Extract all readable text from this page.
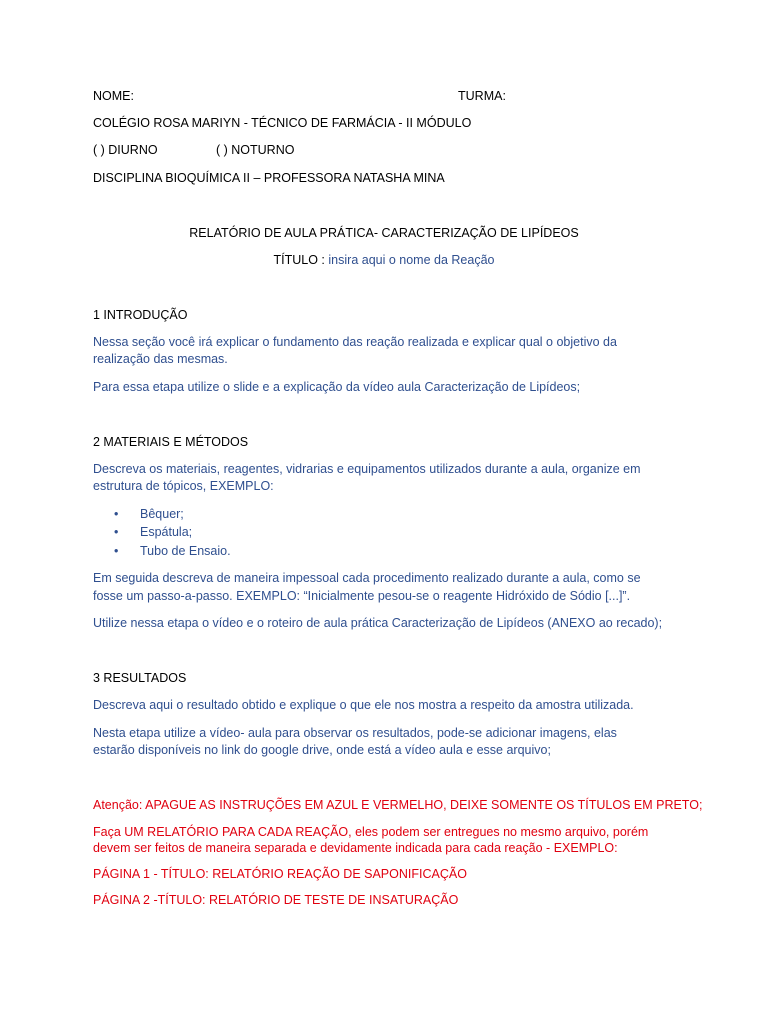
NOME:	TURMA:
COLÉGIO ROSA MARIYN - TÉCNICO DE FARMÁCIA - II MÓDULO
( ) DIURNO	( ) NOTURNO
DISCIPLINA BIOQUÍMICA II – PROFESSORA NATASHA MINA
RELATÓRIO DE AULA PRÁTICA- CARACTERIZAÇÃO DE LIPÍDEOS
TÍTULO : insira aqui o nome da Reação
1 INTRODUÇÃO
Nessa seção você irá explicar o fundamento das reação realizada e explicar qual o objetivo da
realização das mesmas.
Para essa etapa utilize o slide e a explicação da vídeo aula Caracterização de Lipídeos;
2 MATERIAIS E MÉTODOS
Descreva os materiais, reagentes, vidrarias e equipamentos utilizados durante a aula, organize em
estrutura de tópicos, EXEMPLO:
• Bêquer;
• Espátula;
• Tubo de Ensaio.
Em seguida descreva de maneira impessoal cada procedimento realizado durante a aula, como se
fosse um passo-a-passo. EXEMPLO: “Inicialmente pesou-se o reagente Hidróxido de Sódio [...]”.
Utilize nessa etapa o vídeo e o roteiro de aula prática Caracterização de Lipídeos (ANEXO ao recado);
3 RESULTADOS
Descreva aqui o resultado obtido e explique o que ele nos mostra a respeito da amostra utilizada.
Nesta etapa utilize a vídeo- aula para observar os resultados, pode-se adicionar imagens, elas
estarão disponíveis no link do google drive, onde está a vídeo aula e esse arquivo;
Atenção: APAGUE AS INSTRUÇÕES EM AZUL E VERMELHO, DEIXE SOMENTE OS TÍTULOS EM PRETO;
Faça UM RELATÓRIO PARA CADA REAÇÃO, eles podem ser entregues no mesmo arquivo, porém
devem ser feitos de maneira separada e devidamente indicada para cada reação - EXEMPLO:
PÁGINA 1 - TÍTULO: RELATÓRIO REAÇÃO DE SAPONIFICAÇÃO
PÁGINA 2 -TÍTULO: RELATÓRIO DE TESTE DE INSATURAÇÃO
